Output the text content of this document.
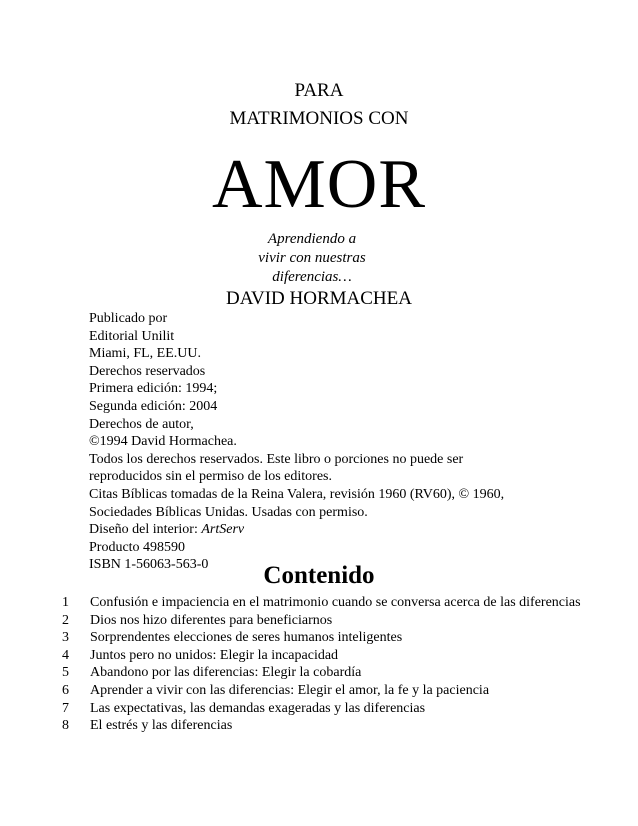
PARA
MATRIMONIOS CON
AMOR
Aprendiendo a
vivir con nuestras
diferencias…
DAVID HORMACHEA
Publicado por
Editorial Unilit
Miami, FL, EE.UU.
Derechos reservados
Primera edición: 1994;
Segunda edición: 2004
Derechos de autor,
©1994 David Hormachea.
Todos los derechos reservados. Este libro o porciones no puede ser
reproducidos sin el permiso de los editores.
Citas Bíblicas tomadas de la Reina Valera, revisión 1960 (RV60), © 1960,
Sociedades Bíblicas Unidas. Usadas con permiso.
Diseño del interior: ArtServ
Producto 498590
ISBN 1-56063-563-0	Contenido
1	Confusión e impaciencia en el matrimonio cuando se conversa acerca de las diferencias
2	Dios nos hizo diferentes para beneficiarnos
3	Sorprendentes elecciones de seres humanos inteligentes
4	Juntos pero no unidos: Elegir la incapacidad
5	Abandono por las diferencias: Elegir la cobardía
6	Aprender a vivir con las diferencias: Elegir el amor, la fe y la paciencia
7	Las expectativas, las demandas exageradas y las diferencias
8	El estrés y las diferencias
